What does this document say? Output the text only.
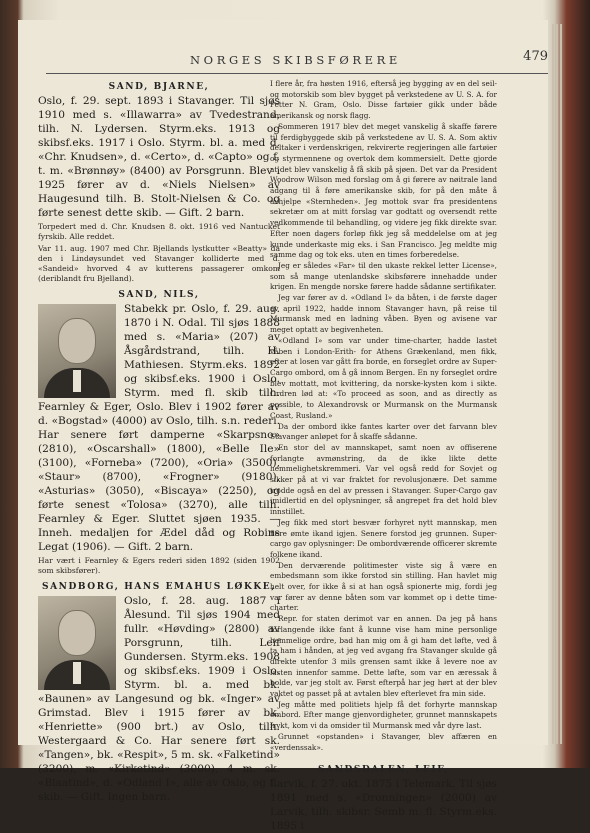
NORGES SKIBSFØRERE	479

SAND, BJARNE,

Oslo, f. 29. sept. 1893 i Stavanger. Til sjøs 1910 med s. «Illawarra» av Tvedestrand, tilh. N. Lydersen. Styrm.eks. 1913 og skibsf.eks. 1917 i Oslo. Styrm. bl. a. med d. «Chr. Knudsen», d. «Certo», d. «Capto» og f. t. m. «Brønnøy» (8400) av Porsgrunn. Blev i 1925 fører av d. «Niels Nielsen» av Haugesund tilh. B. Stolt-Nielsen & Co. og førte senest dette skib. — Gift. 2 barn.

Torpedert med d. Chr. Knudsen 8. okt. 1916 ved Nantucket fyrskib. Alle reddet.

Var 11. aug. 1907 med Chr. Bjellands lystkutter «Beatty» da den i Lindøysundet ved Stavanger kolliderte med d. «Sandeid» hvorved 4 av kutterens passagerer omkom (deriblandt fru Bjelland).

SAND, NILS,

Stabekk pr. Oslo, f. 29. aug. 1870 i N. Odal. Til sjøs 1888 med s. «Maria» (207) av Åsgårdstrand, tilh. H. Mathiesen. Styrm.eks. 1892 og skibsf.eks. 1900 i Oslo. Styrm. med fl. skib tilh. Fearnley & Eger, Oslo. Blev i 1902 fører av d. «Bogstad» (4000) av Oslo, tilh. s.n. rederi. Har senere ført damperne «Skarpsno» (2810), «Oscarshall» (1800), «Belle Ile» (3100), «Forneba» (7200), «Oria» (3500), «Staur» (8700), «Frogner» (9180), «Asturias» (3050), «Biscaya» (2250), og førte senest «Tolosa» (3270), alle tilh. Fearnley & Eger. Sluttet sjøen 1935. — Inneh. medaljen for Ædel dåd og Robins Legat (1906). — Gift. 2 barn.

Har vært i Fearnley & Egers rederi siden 1892 (siden 1902 som skibsfører).

SANDBORG, HANS EMAHUS LØKKE,

Oslo, f. 28. aug. 1887 i Ålesund. Til sjøs 1904 med fullr. «Høvding» (2800) av Porsgrunn, tilh. Leif Gundersen. Styrm.eks. 1908 og skibsf.eks. 1909 i Oslo. Styrm. bl. a. med bk. «Baunen» av Langesund og bk. «Inger» av Grimstad. Blev i 1915 fører av bk. «Henriette» (900 brt.) av Oslo, tilh. Westergaard & Co. Har senere ført sk. «Tangen», bk. «Respit», 5 m. sk. «Falketind» (3200), m. «Kirketind» (3000), 4 m. sk. «Blaatind», d. «Odland I», alle av Oslo, og fl. skib. — Gift. Ingen barn.

I flere år, fra høsten 1916, efterså jeg bygging av en del seil- og motorskib som blev bygget på verkstedene av U. S. A. for Petter N. Gram, Oslo. Disse fartøier gikk under både amerikansk og norsk flagg.

Sommeren 1917 blev det meget vanskelig å skaffe førere til ferdigbyggede skib på verkstedene av U. S. A. Som aktiv deltaker i verdenskrigen, rekvirerte regjeringen alle fartøier og styrmennene og overtok dem kommersielt. Dette gjorde at det blev vanskelig å få skib på sjøen. Det var da President Woodrow Wilson med forslag om å gi førere av nøitrale land adgang til å føre amerikanske skib, for på den måte å avhjelpe «Sternheden». Jeg mottok svar fra presidentens sekretær om at mitt forslag var godtatt og oversendt rette vedkommende til behandling, og videre jeg fikk direkte svar. Efter noen dagers forløp fikk jeg så meddelelse om at jeg kunde underkaste mig eks. i San Francisco. Jeg meldte mig samme dag og tok eks. uten en times forberedelse.

Jeg er således «Far» til den ukaste rekkel letter License», som så mange utenlandske skibsførere innehadde under krigen. En mengde norske førere hadde sådanne sertifikater.

Jeg var fører av d. «Odland I» da båten, i de første dager av april 1922, hadde innom Stavanger havn, på reise til Murmansk med en ladning våben. Byen og avisene var meget optatt av begivenheten.

«Odland I» som var under time-charter, hadde lastet våben i London-Erith- for Athens Grækenland, men fikk, efter at losen var gått fra borde, en forseglet ordre av Super-Cargo ombord, om å gå innom Bergen. En ny forseglet ordre blev mottatt, mot kvittering, da norske-kysten kom i sikte. Ordren lød at: «To proceed as soon, and as directly as possible, to Alexandrovsk or Murmansk on the Murmansk Coast, Rusland.»

Da der ombord ikke fantes karter over det farvann blev Stavanger anløpet for å skaffe sådanne.

En stor del av mannskapet, samt noen av offiserene forlangte avmønstring, da de ikke likte dette hemmelighetskremmeri. Var vel også redd for Sovjet og sikker på at vi var fraktet for revolusjonære. Det samme trodde også en del av pressen i Stavanger. Super-Cargo gav imidlertid en del oplysninger, så angrepet fra det hold blev innstillet.

Jeg fikk med stort besvær forhyret nytt mannskap, men flere ømte ikand igjen. Senere forstod jeg grunnen. Super-cargo gav oplysninger: De ombordværende officerer skremte folkene ikand.

Den derværende politimester viste sig å være en embedsmann som ikke forstod sin stilling. Han havlet mig helt over, for ikke å si at han også spionerte mig, fordi jeg var fører av denne båten som var kommet op i dette time-charter.

Repr. for staten derimot var en annen. Da jeg på hans forlangende ikke fant å kunne vise ham mine personlige hemmelige ordre, bad han mig om å gi ham det løfte, ved å ta ham i hånden, at jeg ved avgang fra Stavanger skulde gå direkte utenfor 3 mils grensen samt ikke å levere noe av lasten innenfor samme. Dette løfte, som var en æressak å holde, var jeg stolt av. Først efterpå har jeg hørt at der blev vaktet og passet på at avtalen blev efterlevet fra min side.

Jeg måtte med politiets hjelp få det forhyrte mannskap ombord. Efter mange gjenvordigheter, grunnet mannskapets frykt, kom vi da omsider til Murmansk med vår dyre last.

Grunnet «opstanden» i Stavanger, blev affæren en «verdenssak».

SANDSDALEN, LEIF,

Larvik, f. 27. okt. 1875 i Telemark. Til sjøs 1891 med s. «Dronningen» (2000) av Larvik, tilh. skibsr. Semb m. fl. Styrm.eks. 1895 i
